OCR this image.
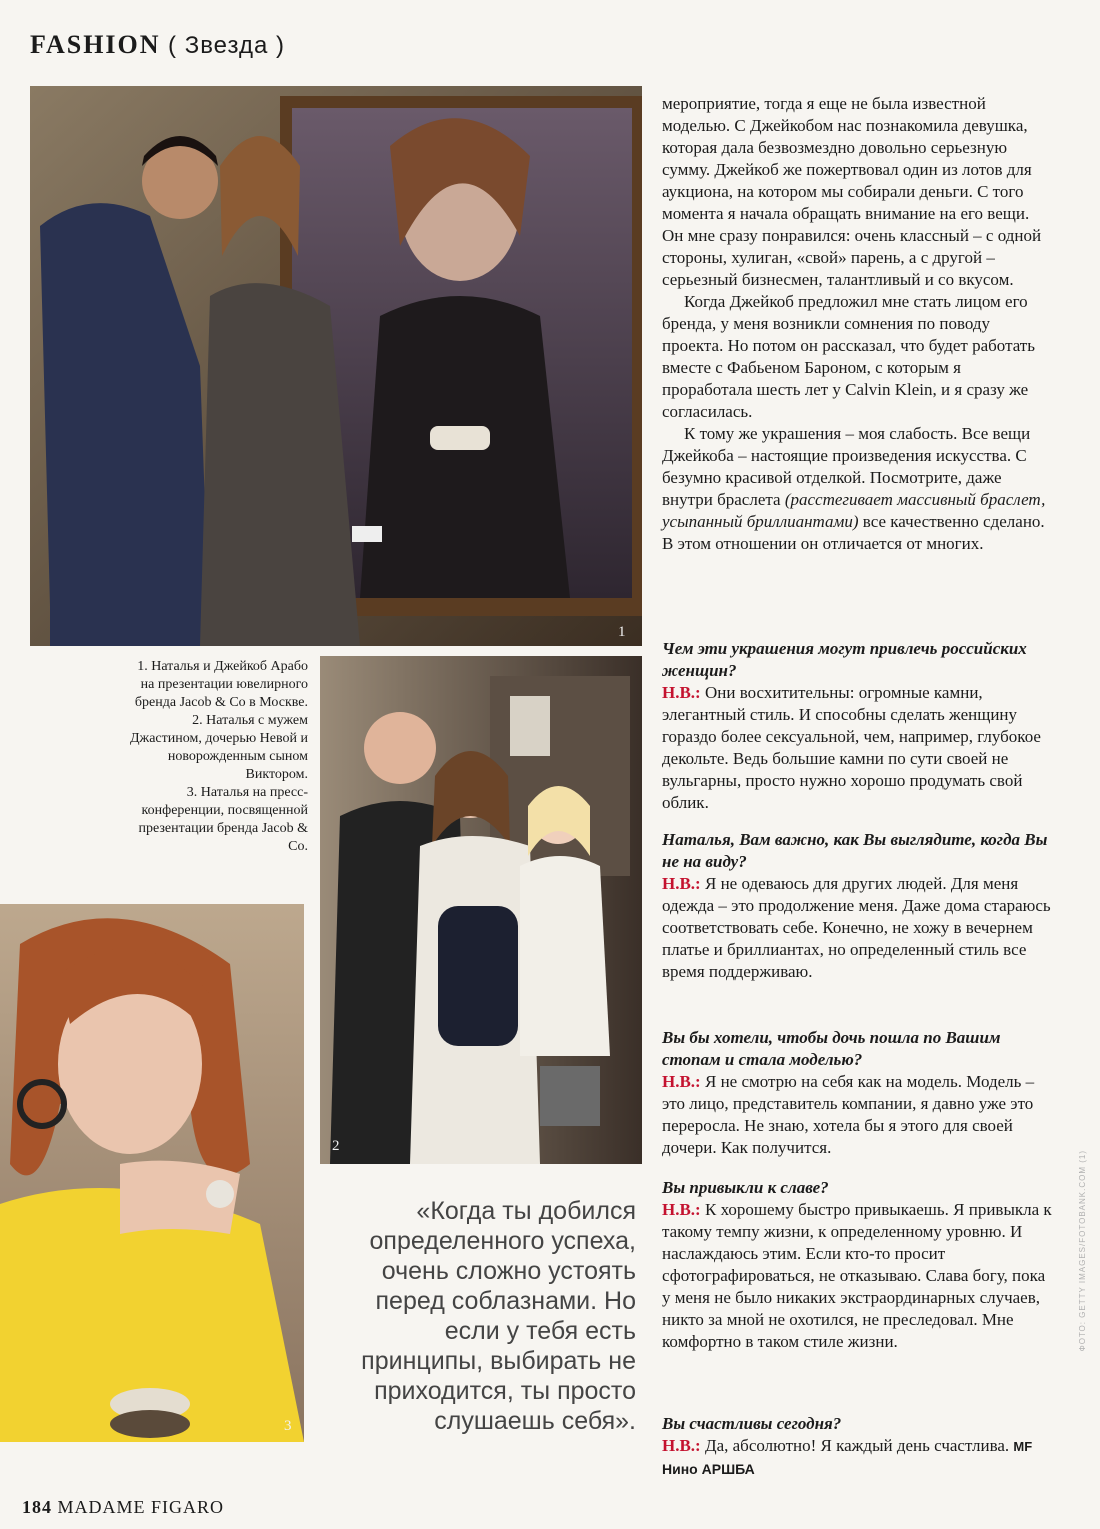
FASHION ( Звезда )
1

1. Наталья и Джейкоб Арабо на презентации ювелирного бренда Jacob & Co в Москве.

2. Наталья с мужем Джастином, дочерью Невой и новорожденным сыном Виктором.

3. Наталья на пресс-конференции, посвященной презентации бренда Jacob & Co.

2
3

мероприятие, тогда я еще не была известной моделью. С Джейкобом нас познакомила девушка, которая дала безвозмездно довольно серьезную сумму. Джейкоб же пожертвовал один из лотов для аукциона, на котором мы собирали деньги. С того момента я начала обращать внимание на его вещи. Он мне сразу понравился: очень классный – с одной стороны, хулиган, «свой» парень, а с другой – серьезный бизнесмен, талантливый и со вкусом.

Когда Джейкоб предложил мне стать лицом его бренда, у меня возникли сомнения по поводу проекта. Но потом он рассказал, что будет работать вместе с Фабьеном Бароном, с которым я проработала шесть лет у Calvin Klein, и я сразу же согласилась.

К тому же украшения – моя слабость. Все вещи Джейкоба – настоящие произведения искусства. С безумно красивой отделкой. Посмотрите, даже внутри браслета (расстегивает массивный браслет, усыпанный бриллиантами) все качественно сделано. В этом отношении он отличается от многих.

Чем эти украшения могут привлечь российских женщин?

Н.В.: Они восхитительны: огромные камни, элегантный стиль. И способны сделать женщину гораздо более сексуальной, чем, например, глубокое декольте. Ведь большие камни по сути своей не вульгарны, просто нужно хорошо продумать свой облик.

Наталья, Вам важно, как Вы выглядите, когда Вы не на виду?

Н.В.: Я не одеваюсь для других людей. Для меня одежда – это продолжение меня. Даже дома стараюсь соответствовать себе. Конечно, не хожу в вечернем платье и бриллиантах, но определенный стиль все время поддерживаю.

Вы бы хотели, чтобы дочь пошла по Вашим стопам и стала моделью?

Н.В.: Я не смотрю на себя как на модель. Модель – это лицо, представитель компании, я давно уже это переросла. Не знаю, хотела бы я этого для своей дочери. Как получится.

Вы привыкли к славе?

Н.В.: К хорошему быстро привыкаешь. Я привыкла к такому темпу жизни, к определенному уровню. И наслаждаюсь этим. Если кто-то просит сфотографироваться, не отказываю. Слава богу, пока у меня не было никаких экстраординарных случаев, никто за мной не охотился, не преследовал. Мне комфортно в таком стиле жизни.

Вы счастливы сегодня?

Н.В.: Да, абсолютно! Я каждый день счастлива. MF Нино АРШБА

«Когда ты добился определенного успеха, очень сложно устоять перед соблазнами. Но если у тебя есть принципы, выбирать не приходится, ты просто слушаешь себя».
184 MADAME FIGARO
ФОТО: GETTY IMAGES/FOTOBANK.COM (1)
